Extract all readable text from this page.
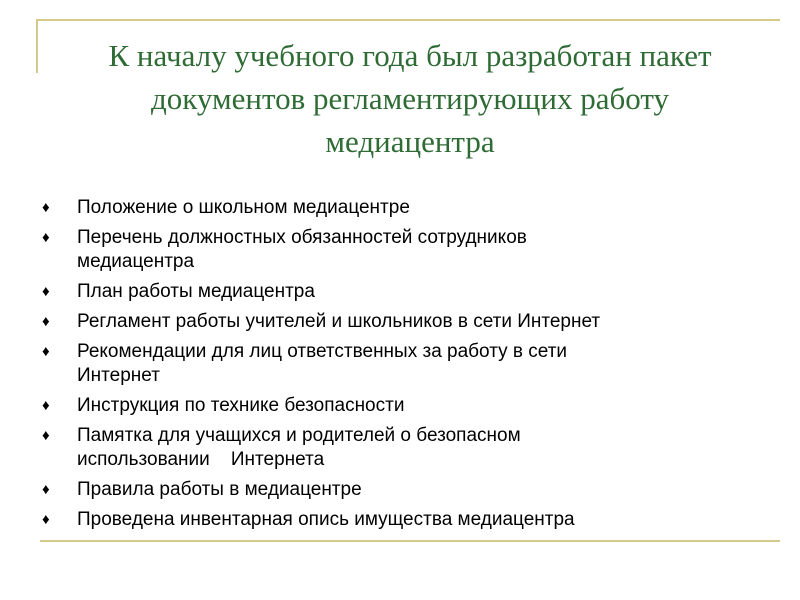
К началу учебного года был разработан пакет
документов регламентирующих работу
медиацентра
♦ Положение о школьном медиацентре
♦ Перечень должностных обязанностей сотрудников
медиацентра
♦ План работы медиацентра
♦ Регламент работы учителей и школьников в сети Интернет
♦ Рекомендации для лиц ответственных за работу в сети
Интернет
♦ Инструкция по технике безопасности
♦ Памятка для учащихся и родителей о безопасном
использовании    Интернета
♦ Правила работы в медиацентре
♦ Проведена инвентарная опись имущества медиацентра
